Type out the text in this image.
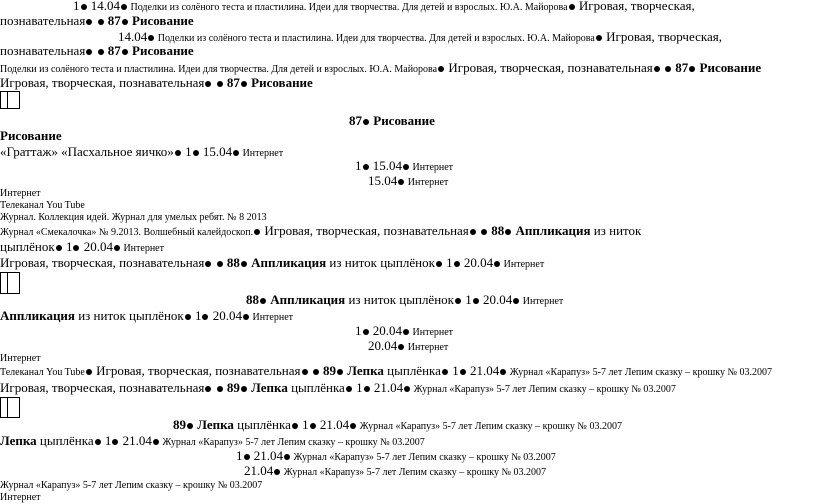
1 14.04 Поделки из солёного теста и пластилина. Идеи для творчества. Для детей и взрослых. Ю.А. Майорова Игровая, творческая,
познавательная  87 Рисование
14.04 Поделки из солёного теста и пластилина. Идеи для творчества. Для детей и взрослых. Ю.А. Майорова Игровая, творческая,
познавательная  87 Рисование
Поделки из солёного теста и пластилина. Идеи для творчества. Для детей и взрослых. Ю.А. Майорова Игровая, творческая, познавательная  87 Рисование
Игровая, творческая, познавательная  87 Рисование
87 Рисование
Рисование
«Граттаж» «Пасхальное яичко» 1 15.04 Интернет
1 15.04 Интернет
15.04 Интернет
Интернет
Телеканал You Tube
Журнал. Коллекция идей. Журнал для умелых ребят. № 8 2013
Журнал «Смекалочка» № 9.2013. Волшебный калейдоскоп. Игровая, творческая, познавательная  88 Аппликация из ниток
цыплёнок 1 20.04 Интернет
Игровая, творческая, познавательная  88 Аппликация из ниток цыплёнок 1 20.04 Интернет
88 Аппликация из ниток цыплёнок 1 20.04 Интернет
Аппликация из ниток цыплёнок 1 20.04 Интернет
1 20.04 Интернет
20.04 Интернет
Интернет
Телеканал You Tube Игровая, творческая, познавательная  89 Лепка цыплёнка 1 21.04 Журнал «Карапуз» 5-7 лет Лепим сказку – крошку № 03.2007
Игровая, творческая, познавательная  89 Лепка цыплёнка 1 21.04 Журнал «Карапуз» 5-7 лет Лепим сказку – крошку № 03.2007
89 Лепка цыплёнка 1 21.04 Журнал «Карапуз» 5-7 лет Лепим сказку – крошку № 03.2007
Лепка цыплёнка 1 21.04 Журнал «Карапуз» 5-7 лет Лепим сказку – крошку № 03.2007
1 21.04 Журнал «Карапуз» 5-7 лет Лепим сказку – крошку № 03.2007
21.04 Журнал «Карапуз» 5-7 лет Лепим сказку – крошку № 03.2007
Журнал «Карапуз» 5-7 лет Лепим сказку – крошку № 03.2007
Интернет
